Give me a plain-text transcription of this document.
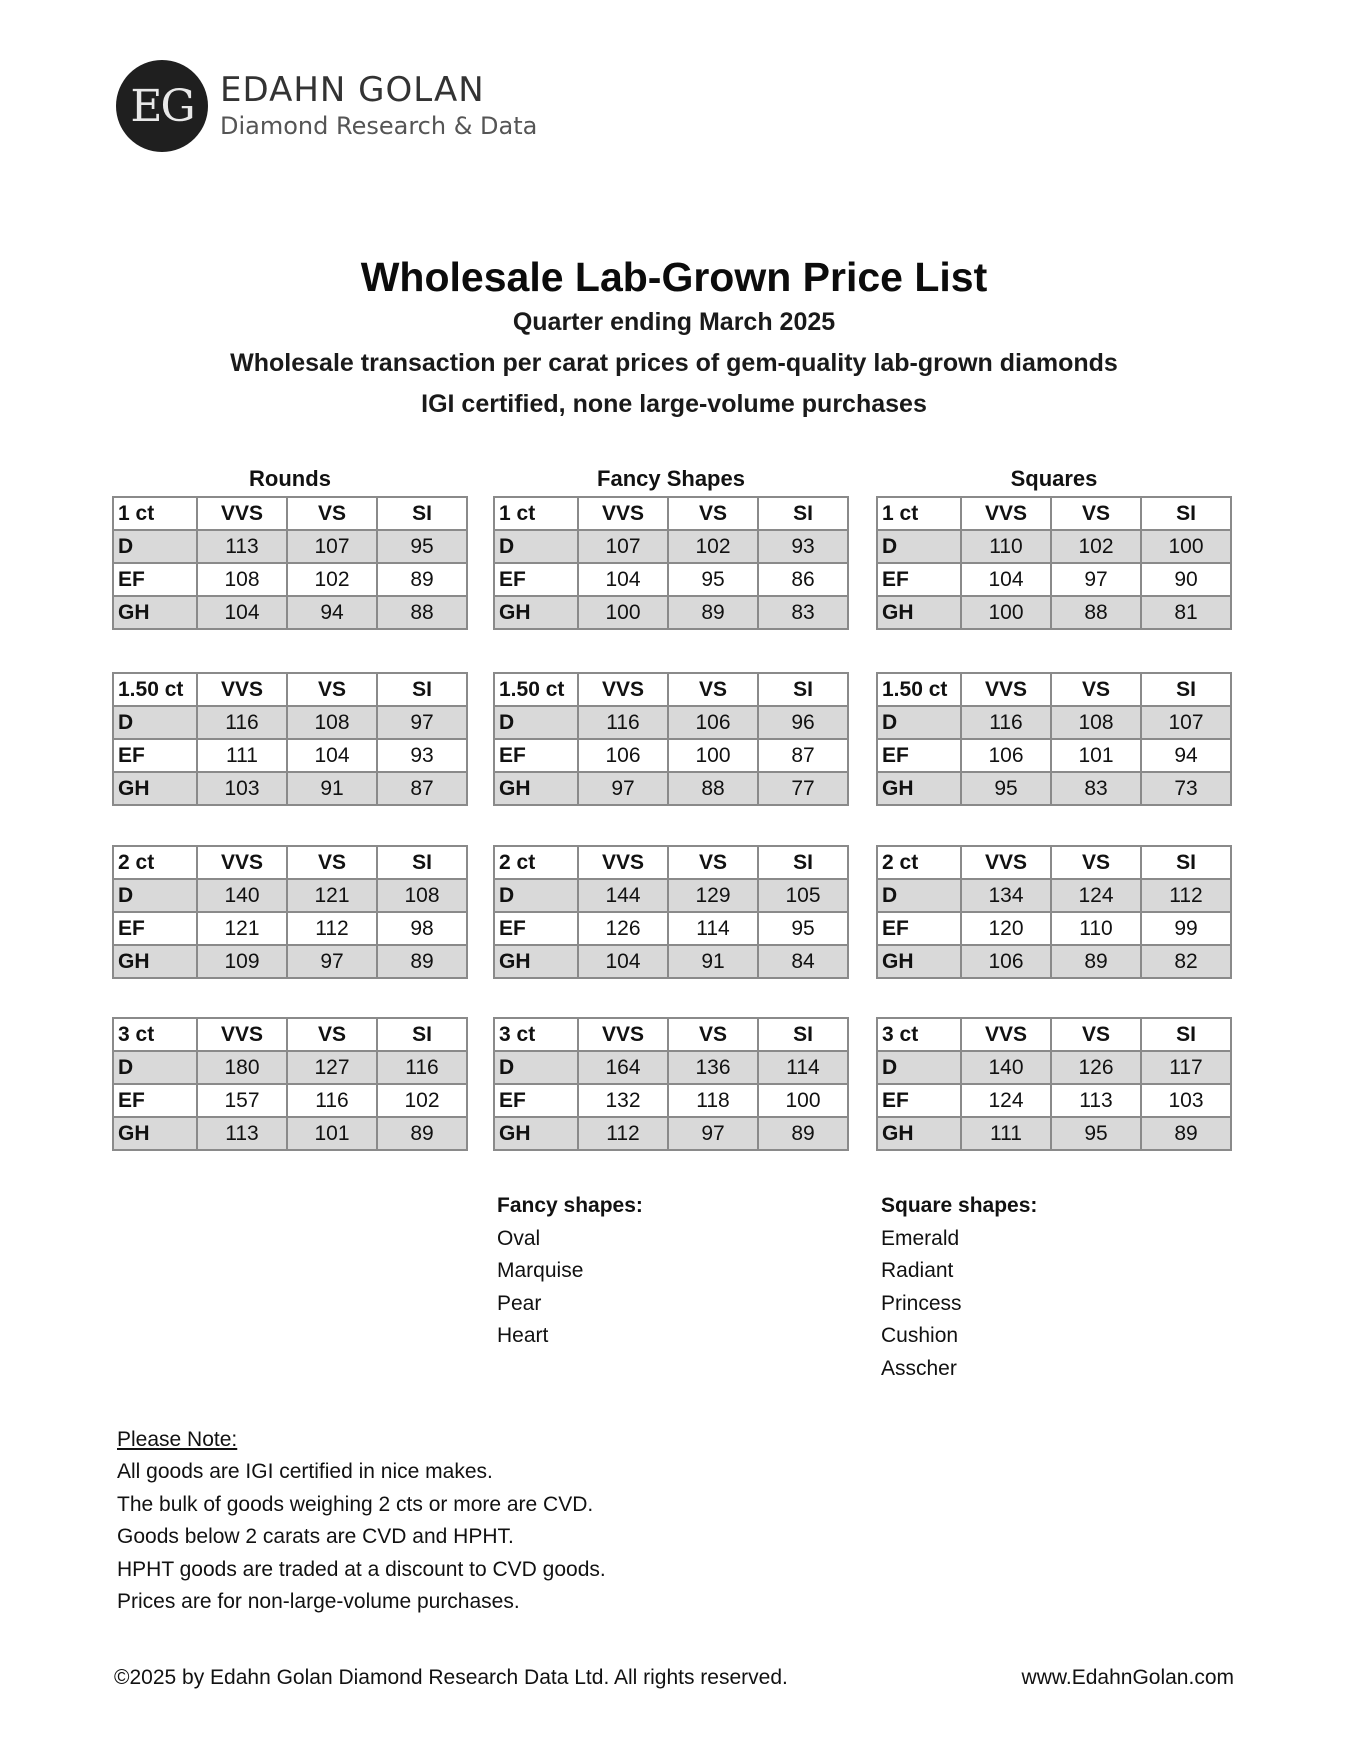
EG EDAHN GOLAN
Diamond Research & Data
Wholesale Lab-Grown Price List
Quarter ending March 2025
Wholesale transaction per carat prices of gem-quality lab-grown diamonds
IGI certified, none large-volume purchases
Rounds	Fancy Shapes	Squares
1 ct	VVS	VS	SI
D	113	107	95
EF	108	102	89
GH	104	94	88
1.50 ct	VVS	VS	SI
D	116	108	97
EF	111	104	93
GH	103	91	87
2 ct	VVS	VS	SI
D	140	121	108
EF	121	112	98
GH	109	97	89
3 ct	VVS	VS	SI
D	180	127	116
EF	157	116	102
GH	113	101	89
1 ct	VVS	VS	SI
D	107	102	93
EF	104	95	86
GH	100	89	83
1.50 ct	VVS	VS	SI
D	116	106	96
EF	106	100	87
GH	97	88	77
2 ct	VVS	VS	SI
D	144	129	105
EF	126	114	95
GH	104	91	84
3 ct	VVS	VS	SI
D	164	136	114
EF	132	118	100
GH	112	97	89
1 ct	VVS	VS	SI
D	110	102	100
EF	104	97	90
GH	100	88	81
1.50 ct	VVS	VS	SI
D	116	108	107
EF	106	101	94
GH	95	83	73
2 ct	VVS	VS	SI
D	134	124	112
EF	120	110	99
GH	106	89	82
3 ct	VVS	VS	SI
D	140	126	117
EF	124	113	103
GH	111	95	89
Fancy shapes:
Oval
Marquise
Pear
Heart
Square shapes:
Emerald
Radiant
Princess
Cushion
Asscher
Please Note:
All goods are IGI certified in nice makes.
The bulk of goods weighing 2 cts or more are CVD.
Goods below 2 carats are CVD and HPHT.
HPHT goods are traded at a discount to CVD goods.
Prices are for non-large-volume purchases.
©2025 by Edahn Golan Diamond Research Data Ltd. All rights reserved.	www.EdahnGolan.com
